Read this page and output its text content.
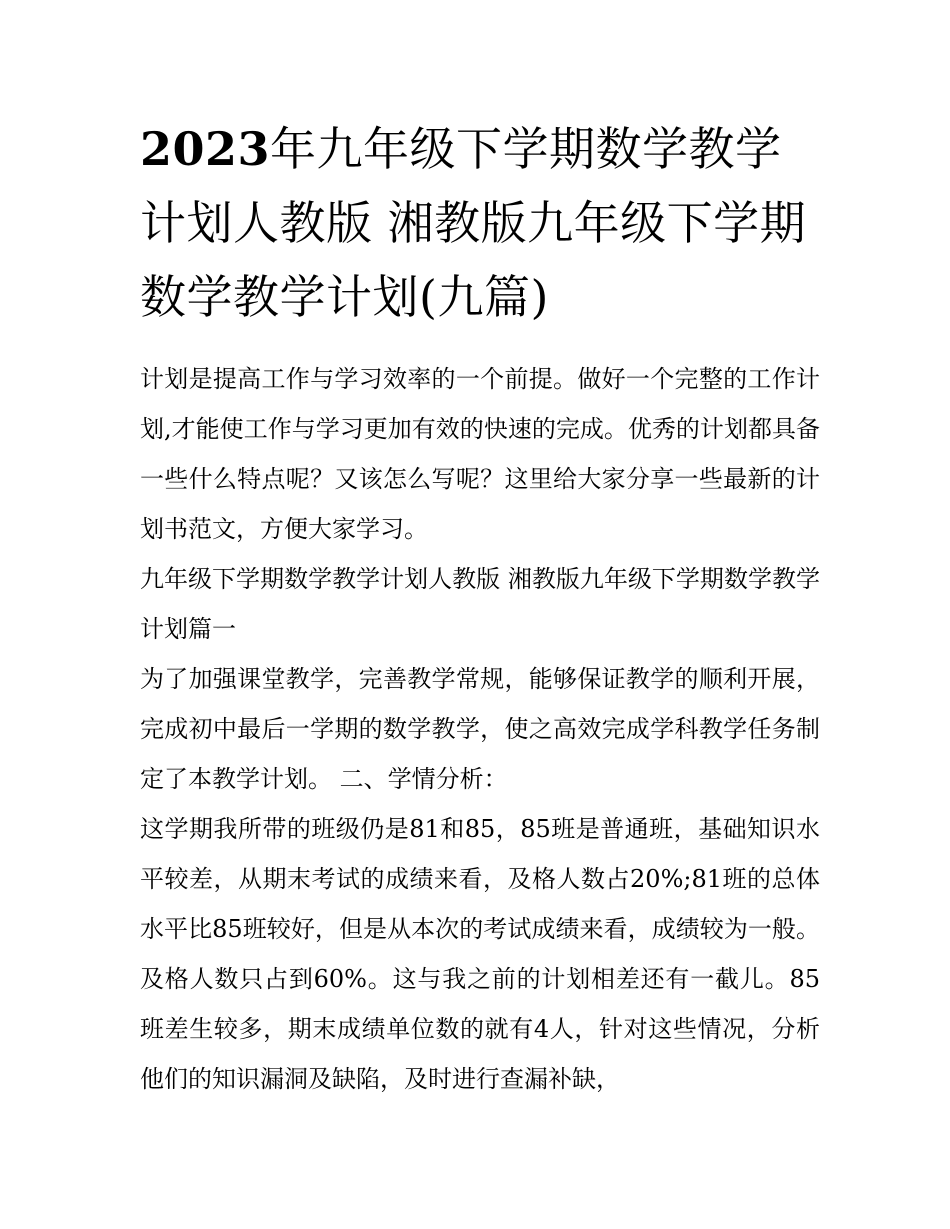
2023年九年级下学期数学教学计划人教版 湘教版九年级下学期数学教学计划(九篇)

计划是提高工作与学习效率的一个前提。做好一个完整的工作计划,才能使工作与学习更加有效的快速的完成。优秀的计划都具备一些什么特点呢？又该怎么写呢？这里给大家分享一些最新的计划书范文，方便大家学习。

九年级下学期数学教学计划人教版 湘教版九年级下学期数学教学计划篇一

为了加强课堂教学，完善教学常规，能够保证教学的顺利开展，完成初中最后一学期的数学教学，使之高效完成学科教学任务制定了本教学计划。 二、学情分析：

这学期我所带的班级仍是81和85，85班是普通班，基础知识水平较差，从期末考试的成绩来看，及格人数占20%;81班的总体水平比85班较好，但是从本次的考试成绩来看，成绩较为一般。及格人数只占到60%。这与我之前的计划相差还有一截儿。85班差生较多，期末成绩单位数的就有4人，针对这些情况，分析他们的知识漏洞及缺陷，及时进行查漏补缺，
